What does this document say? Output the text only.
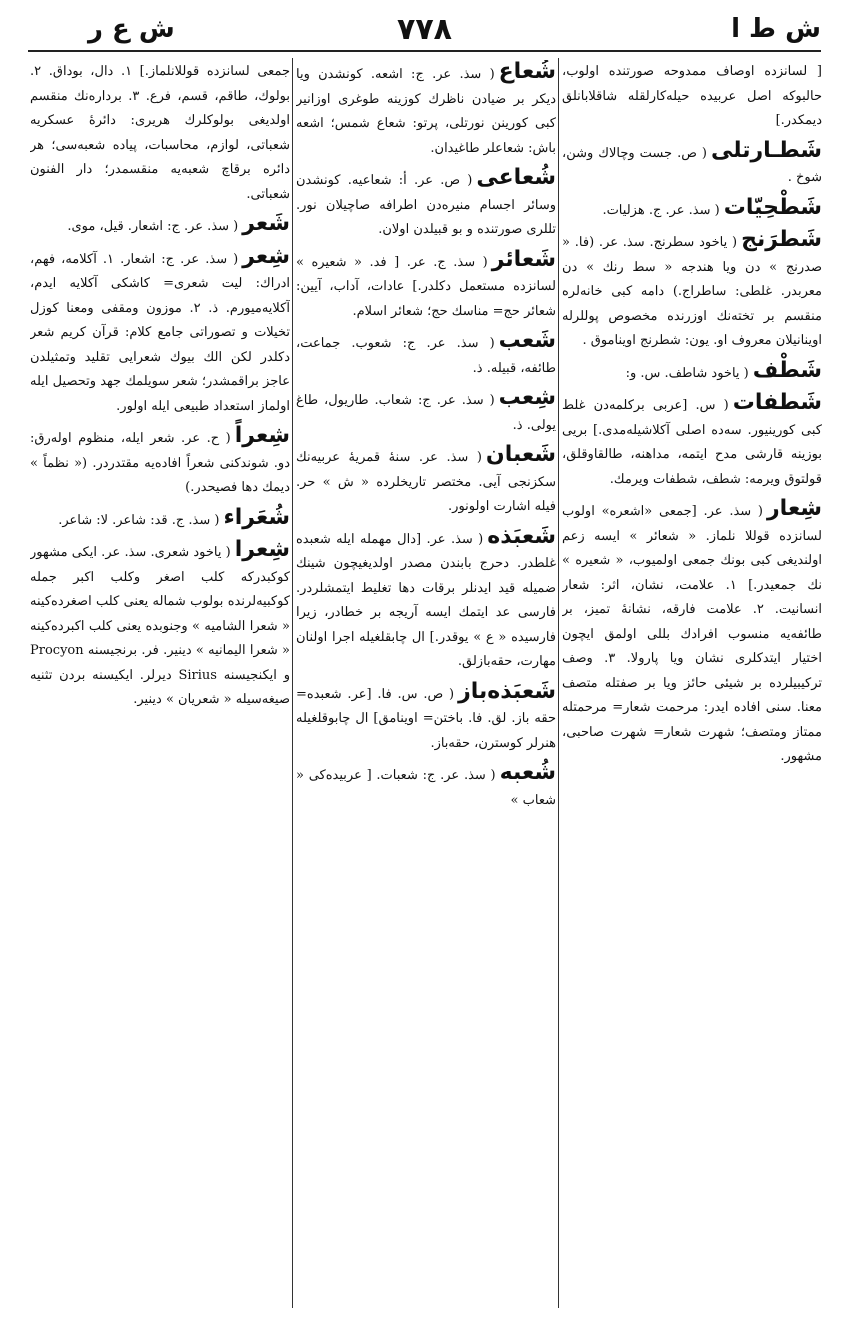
ش ط ا
٧٧٨
ش ع ر
[ لسانزده اوصاف ممدوحه صورتنده اولوب، حالبوكه اصل عربيده حيله‌كارلقله شاقلابانلق ديمكدر.]
شَطـارتلى( ص. جست وچالاك وشن، شوخ .
شَطْحِيّات( سذ. عر. ج. هزليات.
شَطرَنج( ياخود سطرنج. سذ. عر. (فا. « صدرنج » دن ويا هندجه « سط رنك » دن معربدر. غلطى: ساطراج.) دامه كبى خانه‌لره منقسم بر تخته‌نك اوزرنده مخصوص پوللرله اوينانيلان معروف او. يون: شطرنج اويناموق .
شَطْف( ياخود شاطف. س. و:
شَطفات( س. [عربى بركلمه‌دن غلط كبى كورينيور. سه‌ده اصلى آكلاشيله‌مدى.] بريى بوزينه قارشى مدح ايتمه، مداهنه، طالقاوقلق، قولتوق ويرمه: شطف، شطفات ويرمك.
شِعار( سذ. عر. [جمعى «اشعره» اولوب لسانزده قوللا نلماز. « شعائر » ايسه زعم اولنديغى كبى بونك جمعى اولميوب، « شعيره » نك جمعيدر.] ١. علامت، نشان، اثر: شعار انسانيت. ٢. علامت فارقه، نشانهٔ تميز، بر طائفه‌يه منسوب افرادك بللى اولمق ايچون اختيار ايتدكلرى نشان ويا پارولا. ٣. وصف تركيبيلرده بر شيئى حائز ويا بر صفتله متصف معنا. سنى افاده ايدر: مرحمت شعار= مرحمتله ممتاز ومتصف؛ شهرت شعار= شهرت صاحبى، مشهور.
شُعاع( سذ. عر. ج: اشعه. كونشدن ويا ديكر بر ضيادن ناظرك كوزينه طوغرى اوزانير كبى كورينن نورتلى، پرتو: شعاع شمس؛ اشعه باش: شعاعلر طاغيدان.
شُعاعى( ص. عر. أ: شعاعيه. كونشدن وسائر اجسام منيره‌دن اطرافه صاچيلان نور. تللرى صورتنده و بو قبيلدن اولان.
شَعائر( سذ. ج. عر. [ فد. « شعيره » لسانزده مستعمل دكلدر.] عادات، آداب، آيين: شعائر حج= مناسك حج؛ شعائر اسلام.
شَعب( سذ. عر. ج: شعوب. جماعت، طائفه، قبيله. ذ.
شِعب( سذ. عر. ج: شعاب. طاريول، طاغ يولى. ذ.
شَعبان( سذ. عر. سنهٔ قمريهٔ عربيه‌نك سكزنجى آيى. مختصر تاريخلرده « ش » حر. فيله اشارت اولونور.
شَعبَذه( سذ. عر. [دال مهمله ايله شعبده غلطدر. دحرج بابندن مصدر اولديغيچون شينك ضميله قيد ايدنلر برقات دها تغليط ايتمشلردر. فارسى عد ايتمك ايسه آريجه بر خطادر، زيرا فارسيده « ع » يوقدر.] ال چابقلغيله اجرا اولنان مهارت، حقه‌بازلق.
شَعبَذه‌باز( ص. س. فا. [عر. شعبده= حقه باز. لق. فا. باختن= اوينامق] ال چابوقلغيله هنرلر كوسترن، حقه‌باز.
شُعبه( سذ. عر. ج: شعبات. [ عربيده‌كى « شعاب »
جمعى لسانزده قوللانلماز.] ١. دال، بوداق. ٢. بولوك، طاقم، قسم، فرع. ٣. برداره‌نك منقسم اولديغى بولوكلرك هريرى: دائرهٔ عسكريه شعباتى، لوازم، محاسبات، پياده شعبه‌سى؛ هر دائره برقاچ شعبه‌يه منقسمدر؛ دار الفنون شعباتى.
شَعر( سذ. عر. ج: اشعار. قيل، موى.
شِعر( سذ. عر. ج: اشعار. ١. آكلامه، فهم، ادراك: ليت شعرى= كاشكى آكلايه ايدم، آكلايه‌ميورم. ذ. ٢. موزون ومقفى ومعنا كوزل تخيلات و تصوراتى جامع كلام: قرآن كريم شعر دكلدر لكن الك بيوك شعرايى تقليد وتمثيلدن عاجز براقمشدر؛ شعر سويلمك جهد وتحصيل ايله اولماز استعداد طبيعى ايله اولور.
شِعراً( ح. عر. شعر ايله، منظوم اوله‌رق: دو. شوندكنى شعراً افاده‌يه مقتدردر. (« نظماً » ديمك دها فصيحدر.)
شُعَراء( سذ. ج. قد: شاعر. لا: شاعر.
شِعرا( ياخود شعرى. سذ. عر. ايكى مشهور كوكبدركه كلب اصغر وكلب اكبر جمله كوكبيه‌لرنده بولوب شماله يعنى كلب اصغرده‌كينه « شعرا الشاميه » وجنوبده يعنى كلب اكبرده‌كينه « شعرا اليمانيه » دينير. فر. برنجيسنه Procyon و ايكنجيسنه Sirius ديرلر. ايكيسنه بردن تثنيه صيغه‌سيله « شعريان » دينير.
